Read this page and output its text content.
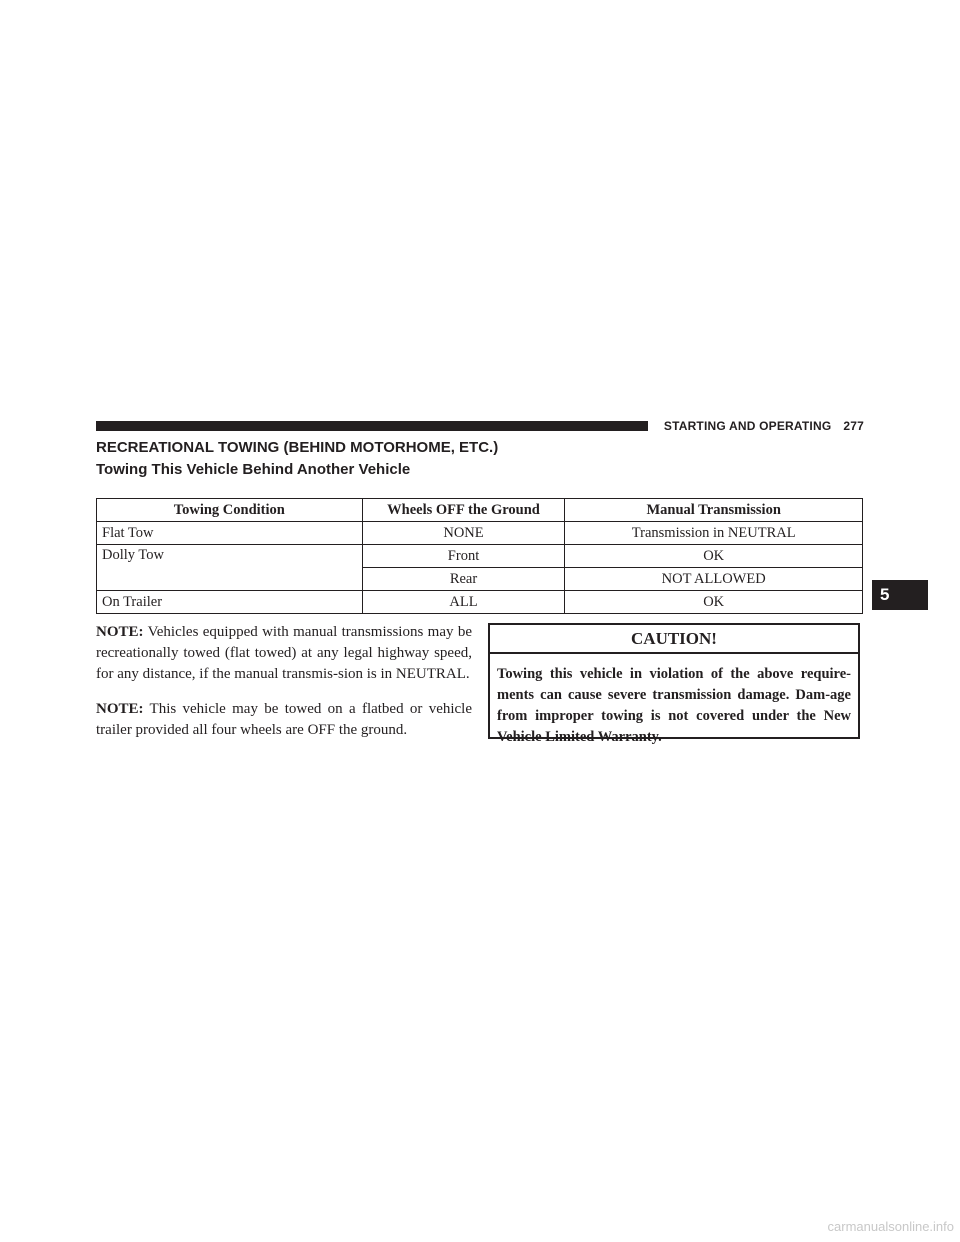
STARTING AND OPERATING 277
RECREATIONAL TOWING (BEHIND MOTORHOME, ETC.)
Towing This Vehicle Behind Another Vehicle
Towing Condition	Wheels OFF the Ground	Manual Transmission
Flat Tow	NONE	Transmission in NEUTRAL
Dolly Tow	Front	OK
	Rear	NOT ALLOWED
On Trailer	ALL	OK

NOTE: Vehicles equipped with manual transmissions may be recreationally towed (flat towed) at any legal highway speed, for any distance, if the manual transmis-sion is in NEUTRAL.

NOTE: This vehicle may be towed on a flatbed or vehicle trailer provided all four wheels are OFF the ground.

CAUTION!
Towing this vehicle in violation of the above require-ments can cause severe transmission damage. Dam-age from improper towing is not covered under the New Vehicle Limited Warranty.
5
carmanualsonline.info
